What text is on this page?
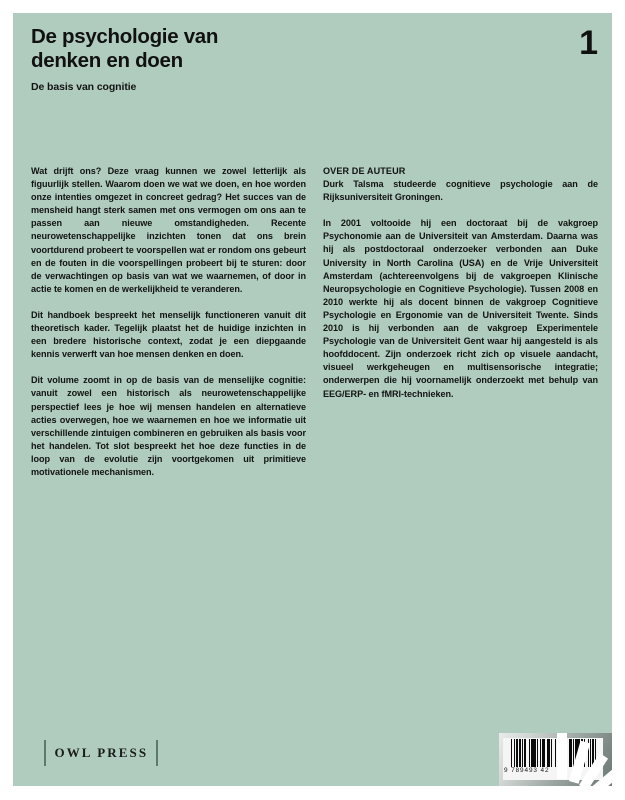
De psychologie van
denken en doen

De basis van cognitie

1

Wat drijft ons? Deze vraag kunnen we zowel letterlijk als figuurlijk stellen. Waarom doen we wat we doen, en hoe worden onze intenties omgezet in concreet gedrag? Het succes van de mensheid hangt sterk samen met ons vermogen om ons aan te passen aan nieuwe omstandigheden. Recente neurowetenschappelijke inzichten tonen dat ons brein voortdurend probeert te voorspellen wat er rondom ons gebeurt en de fouten in die voorspellingen probeert bij te sturen: door de verwachtingen op basis van wat we waarnemen, of door in actie te komen en de werkelijkheid te veranderen.

Dit handboek bespreekt het menselijk functioneren vanuit dit theoretisch kader. Tegelijk plaatst het de huidige inzichten in een bredere historische context, zodat je een diepgaande kennis verwerft van hoe mensen denken en doen.

Dit volume zoomt in op de basis van de menselijke cognitie: vanuit zowel een historisch als neurowetenschappelijke perspectief lees je hoe wij mensen handelen en alternatieve acties overwegen, hoe we waarnemen en hoe we informatie uit verschillende zintuigen combineren en gebruiken als basis voor het handelen. Tot slot bespreekt het hoe deze functies in de loop van de evolutie zijn voortgekomen uit primitieve motivationele mechanismen.

OVER DE AUTEUR

Durk Talsma studeerde cognitieve psychologie aan de Rijksuniversiteit Groningen.

In 2001 voltooide hij een doctoraat bij de vakgroep Psychonomie aan de Universiteit van Amsterdam. Daarna was hij als postdoctoraal onderzoeker verbonden aan Duke University in North Carolina (USA) en de Vrije Universiteit Amsterdam (achtereenvolgens bij de vakgroepen Klinische Neuropsychologie en Cognitieve Psychologie). Tussen 2008 en 2010 werkte hij als docent binnen de vakgroep Cognitieve Psychologie en Ergonomie van de Universiteit Twente. Sinds 2010 is hij verbonden aan de vakgroep Experimentele Psychologie van de Universiteit Gent waar hij aangesteld is als hoofddocent. Zijn onderzoek richt zich op visuele aandacht, visueel werkgeheugen en multisensorische integratie; onderwerpen die hij voornamelijk onderzoekt met behulp van EEG/ERP- en fMRI-technieken.

OWL PRESS
9 789493 42
